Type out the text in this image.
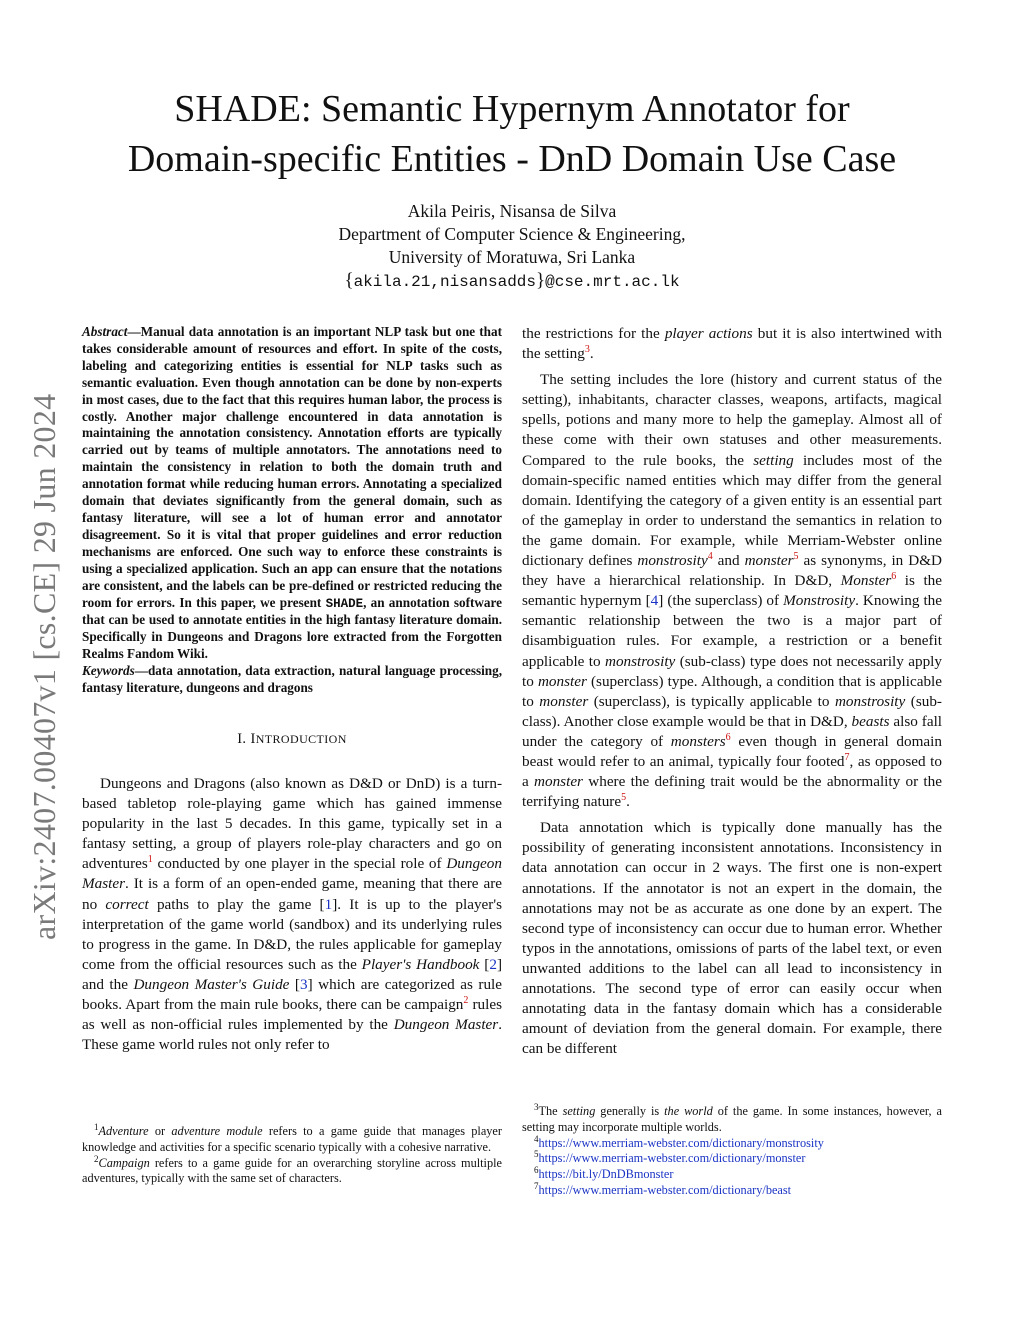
arXiv:2407.00407v1 [cs.CE] 29 Jun 2024
SHADE: Semantic Hypernym Annotator for
Domain-specific Entities - DnD Domain Use Case
Akila Peiris, Nisansa de Silva
Department of Computer Science & Engineering,
University of Moratuwa, Sri Lanka
{akila.21,nisansadds}@cse.mrt.ac.lk

Abstract—Manual data annotation is an important NLP task but one that takes considerable amount of resources and effort. In spite of the costs, labeling and categorizing entities is essential for NLP tasks such as semantic evaluation. Even though annotation can be done by non-experts in most cases, due to the fact that this requires human labor, the process is costly. Another major challenge encountered in data annotation is maintaining the annotation consistency. Annotation efforts are typically carried out by teams of multiple annotators. The annotations need to maintain the consistency in relation to both the domain truth and annotation format while reducing human errors. Annotating a specialized domain that deviates significantly from the general domain, such as fantasy literature, will see a lot of human error and annotator disagreement. So it is vital that proper guidelines and error reduction mechanisms are enforced. One such way to enforce these constraints is using a specialized application. Such an app can ensure that the notations are consistent, and the labels can be pre-defined or restricted reducing the room for errors. In this paper, we present SHADE, an annotation software that can be used to annotate entities in the high fantasy literature domain. Specifically in Dungeons and Dragons lore extracted from the Forgotten Realms Fandom Wiki.

Keywords—data annotation, data extraction, natural language processing, fantasy literature, dungeons and dragons

I. INTRODUCTION

Dungeons and Dragons (also known as D&D or DnD) is a turn-based tabletop role-playing game which has gained immense popularity in the last 5 decades. In this game, typically set in a fantasy setting, a group of players role-play characters and go on adventures$^1$ conducted by one player in the special role of Dungeon Master. It is a form of an open-ended game, meaning that there are no correct paths to play the game [1]. It is up to the player's interpretation of the game world (sandbox) and its underlying rules to progress in the game. In D&D, the rules applicable for gameplay come from the official resources such as the Player's Handbook [2] and the Dungeon Master's Guide [3] which are categorized as rule books. Apart from the main rule books, there can be campaign$^2$ rules as well as non-official rules implemented by the Dungeon Master. These game world rules not only refer to

$^1$Adventure or adventure module refers to a game guide that manages player knowledge and activities for a specific scenario typically with a cohesive narrative.

$^2$Campaign refers to a game guide for an overarching storyline across multiple adventures, typically with the same set of characters.

the restrictions for the player actions but it is also intertwined with the setting$^3$.

The setting includes the lore (history and current status of the setting), inhabitants, character classes, weapons, artifacts, magical spells, potions and many more to help the gameplay. Almost all of these come with their own statuses and other measurements. Compared to the rule books, the setting includes most of the domain-specific named entities which may differ from the general domain. Identifying the category of a given entity is an essential part of the gameplay in order to understand the semantics in relation to the game domain. For example, while Merriam-Webster online dictionary defines monstrosity$^4$ and monster$^5$ as synonyms, in D&D they have a hierarchical relationship. In D&D, Monster$^6$ is the semantic hypernym [4] (the superclass) of Monstrosity. Knowing the semantic relationship between the two is a major part of disambiguation rules. For example, a restriction or a benefit applicable to monstrosity (sub-class) type does not necessarily apply to monster (superclass) type. Although, a condition that is applicable to monster (superclass), is typically applicable to monstrosity (sub-class). Another close example would be that in D&D, beasts also fall under the category of monsters$^6$ even though in general domain beast would refer to an animal, typically four footed$^7$, as opposed to a monster where the defining trait would be the abnormality or the terrifying nature$^5$.

Data annotation which is typically done manually has the possibility of generating inconsistent annotations. Inconsistency in data annotation can occur in 2 ways. The first one is non-expert annotations. If the annotator is not an expert in the domain, the annotations may not be as accurate as one done by an expert. The second type of inconsistency can occur due to human error. Whether typos in the annotations, omissions of parts of the label text, or even unwanted additions to the label can all lead to inconsistency in annotations. The second type of error can easily occur when annotating data in the fantasy domain which has a considerable amount of deviation from the general domain. For example, there can be different

$^3$The setting generally is the world of the game. In some instances, however, a setting may incorporate multiple worlds.

$^4$https://www.merriam-webster.com/dictionary/monstrosity

$^5$https://www.merriam-webster.com/dictionary/monster

$^6$https://bit.ly/DnDBmonster

$^7$https://www.merriam-webster.com/dictionary/beast
